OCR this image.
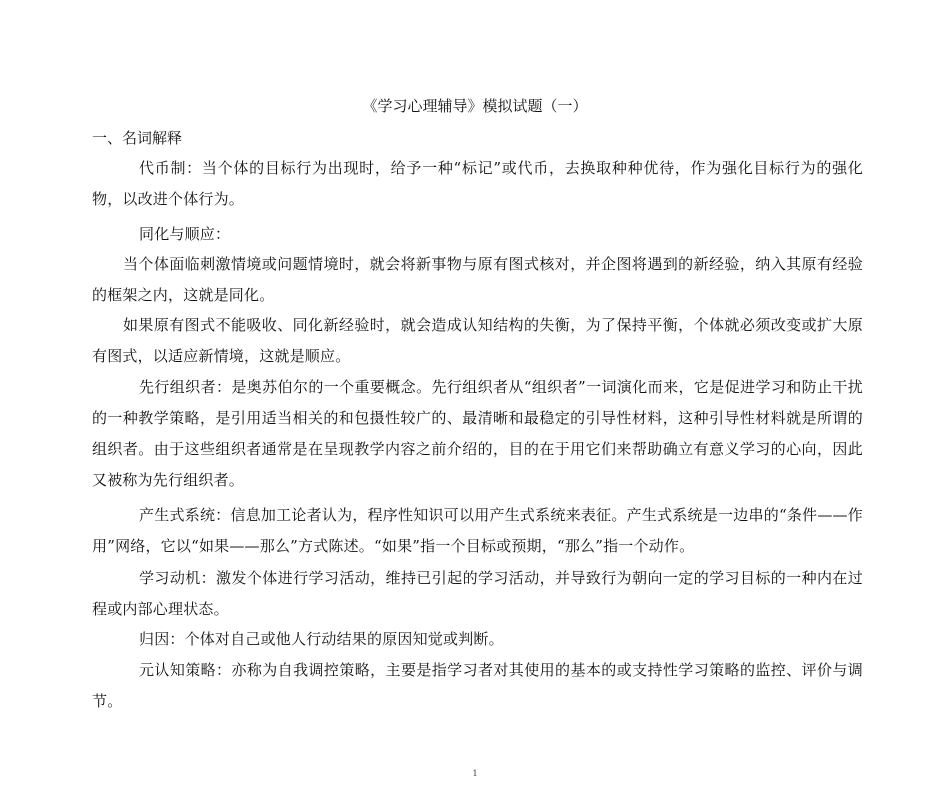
《学习心理辅导》模拟试题（一）
一、名词解释
代币制：当个体的目标行为出现时，给予一种“标记”或代币，去换取种种优待，作为强化目标行为的强化物，以改进个体行为。
同化与顺应：
当个体面临刺激情境或问题情境时，就会将新事物与原有图式核对，并企图将遇到的新经验，纳入其原有经验的框架之内，这就是同化。
如果原有图式不能吸收、同化新经验时，就会造成认知结构的失衡，为了保持平衡，个体就必须改变或扩大原有图式，以适应新情境，这就是顺应。
先行组织者：是奥苏伯尔的一个重要概念。先行组织者从“组织者”一词演化而来，它是促进学习和防止干扰的一种教学策略，是引用适当相关的和包摄性较广的、最清晰和最稳定的引导性材料，这种引导性材料就是所谓的组织者。由于这些组织者通常是在呈现教学内容之前介绍的，目的在于用它们来帮助确立有意义学习的心向，因此又被称为先行组织者。
产生式系统：信息加工论者认为，程序性知识可以用产生式系统来表征。产生式系统是一边串的“条件——作用”网络，它以“如果——那么”方式陈述。“如果”指一个目标或预期，“那么”指一个动作。
学习动机：激发个体进行学习活动，维持已引起的学习活动，并导致行为朝向一定的学习目标的一种内在过程或内部心理状态。
归因：个体对自己或他人行动结果的原因知觉或判断。
元认知策略：亦称为自我调控策略，主要是指学习者对其使用的基本的或支持性学习策略的监控、评价与调节。
1
